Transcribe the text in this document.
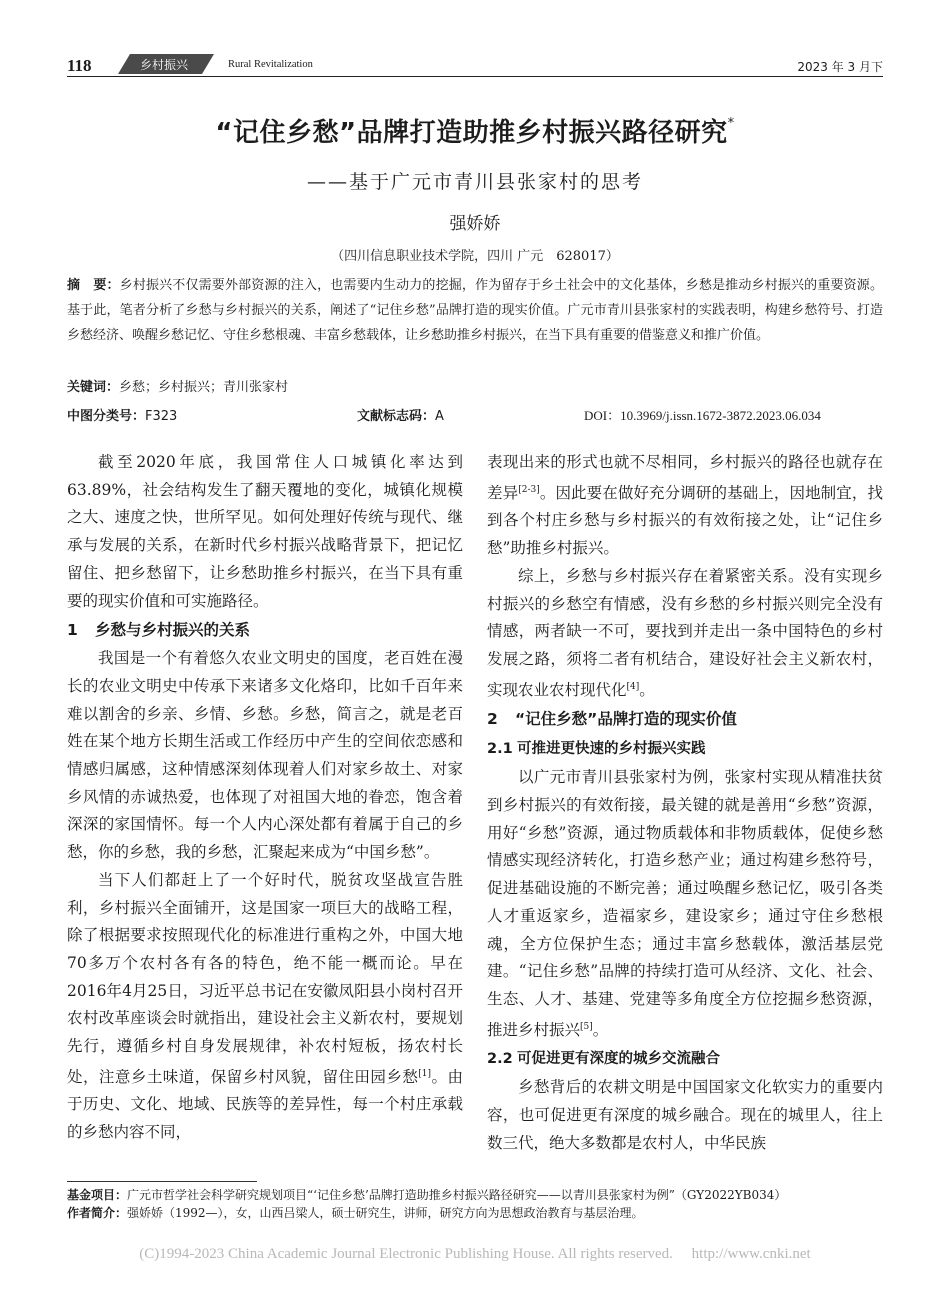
118	乡村振兴	Rural Revitalization	2023 年 3 月下
“记住乡愁”品牌打造助推乡村振兴路径研究*
——基于广元市青川县张家村的思考
强娇娇
（四川信息职业技术学院，四川 广元　628017）
摘　要：乡村振兴不仅需要外部资源的注入，也需要内生动力的挖掘，作为留存于乡土社会中的文化基体，乡愁是推动乡村振兴的重要资源。基于此，笔者分析了乡愁与乡村振兴的关系，阐述了“记住乡愁”品牌打造的现实价值。广元市青川县张家村的实践表明，构建乡愁符号、打造乡愁经济、唤醒乡愁记忆、守住乡愁根魂、丰富乡愁载体，让乡愁助推乡村振兴，在当下具有重要的借鉴意义和推广价值。
关键词：乡愁；乡村振兴；青川张家村
中图分类号：F323	文献标志码：A	DOI：10.3969/j.issn.1672-3872.2023.06.034

截至2020年底，我国常住人口城镇化率达到63.89%，社会结构发生了翻天覆地的变化，城镇化规模之大、速度之快，世所罕见。如何处理好传统与现代、继承与发展的关系，在新时代乡村振兴战略背景下，把记忆留住、把乡愁留下，让乡愁助推乡村振兴，在当下具有重要的现实价值和可实施路径。

1 乡愁与乡村振兴的关系

我国是一个有着悠久农业文明史的国度，老百姓在漫长的农业文明史中传承下来诸多文化烙印，比如千百年来难以割舍的乡亲、乡情、乡愁。乡愁，简言之，就是老百姓在某个地方长期生活或工作经历中产生的空间依恋感和情感归属感，这种情感深刻体现着人们对家乡故土、对家乡风情的赤诚热爱，也体现了对祖国大地的眷恋，饱含着深深的家国情怀。每一个人内心深处都有着属于自己的乡愁，你的乡愁，我的乡愁，汇聚起来成为“中国乡愁”。

当下人们都赶上了一个好时代，脱贫攻坚战宣告胜利，乡村振兴全面铺开，这是国家一项巨大的战略工程，除了根据要求按照现代化的标准进行重构之外，中国大地70多万个农村各有各的特色，绝不能一概而论。早在2016年4月25日，习近平总书记在安徽凤阳县小岗村召开农村改革座谈会时就指出，建设社会主义新农村，要规划先行，遵循乡村自身发展规律，补农村短板，扬农村长处，注意乡土味道，保留乡村风貌，留住田园乡愁[1]。由于历史、文化、地域、民族等的差异性，每一个村庄承载的乡愁内容不同，

表现出来的形式也就不尽相同，乡村振兴的路径也就存在差异[2-3]。因此要在做好充分调研的基础上，因地制宜，找到各个村庄乡愁与乡村振兴的有效衔接之处，让“记住乡愁”助推乡村振兴。

综上，乡愁与乡村振兴存在着紧密关系。没有实现乡村振兴的乡愁空有情感，没有乡愁的乡村振兴则完全没有情感，两者缺一不可，要找到并走出一条中国特色的乡村发展之路，须将二者有机结合，建设好社会主义新农村，实现农业农村现代化[4]。

2 “记住乡愁”品牌打造的现实价值
2.1 可推进更快速的乡村振兴实践

以广元市青川县张家村为例，张家村实现从精准扶贫到乡村振兴的有效衔接，最关键的就是善用“乡愁”资源，用好“乡愁”资源，通过物质载体和非物质载体，促使乡愁情感实现经济转化，打造乡愁产业；通过构建乡愁符号，促进基础设施的不断完善；通过唤醒乡愁记忆，吸引各类人才重返家乡，造福家乡，建设家乡；通过守住乡愁根魂，全方位保护生态；通过丰富乡愁载体，激活基层党建。“记住乡愁”品牌的持续打造可从经济、文化、社会、生态、人才、基建、党建等多角度全方位挖掘乡愁资源，推进乡村振兴[5]。

2.2 可促进更有深度的城乡交流融合

乡愁背后的农耕文明是中国国家文化软实力的重要内容，也可促进更有深度的城乡融合。现在的城里人，往上数三代，绝大多数都是农村人，中华民族

基金项目：广元市哲学社会科学研究规划项目“‘记住乡愁’品牌打造助推乡村振兴路径研究——以青川县张家村为例”（GY2022YB034）
作者简介：强娇娇（1992—），女，山西吕梁人，硕士研究生，讲师，研究方向为思想政治教育与基层治理。
(C)1994-2023 China Academic Journal Electronic Publishing House. All rights reserved.　 http://www.cnki.net
